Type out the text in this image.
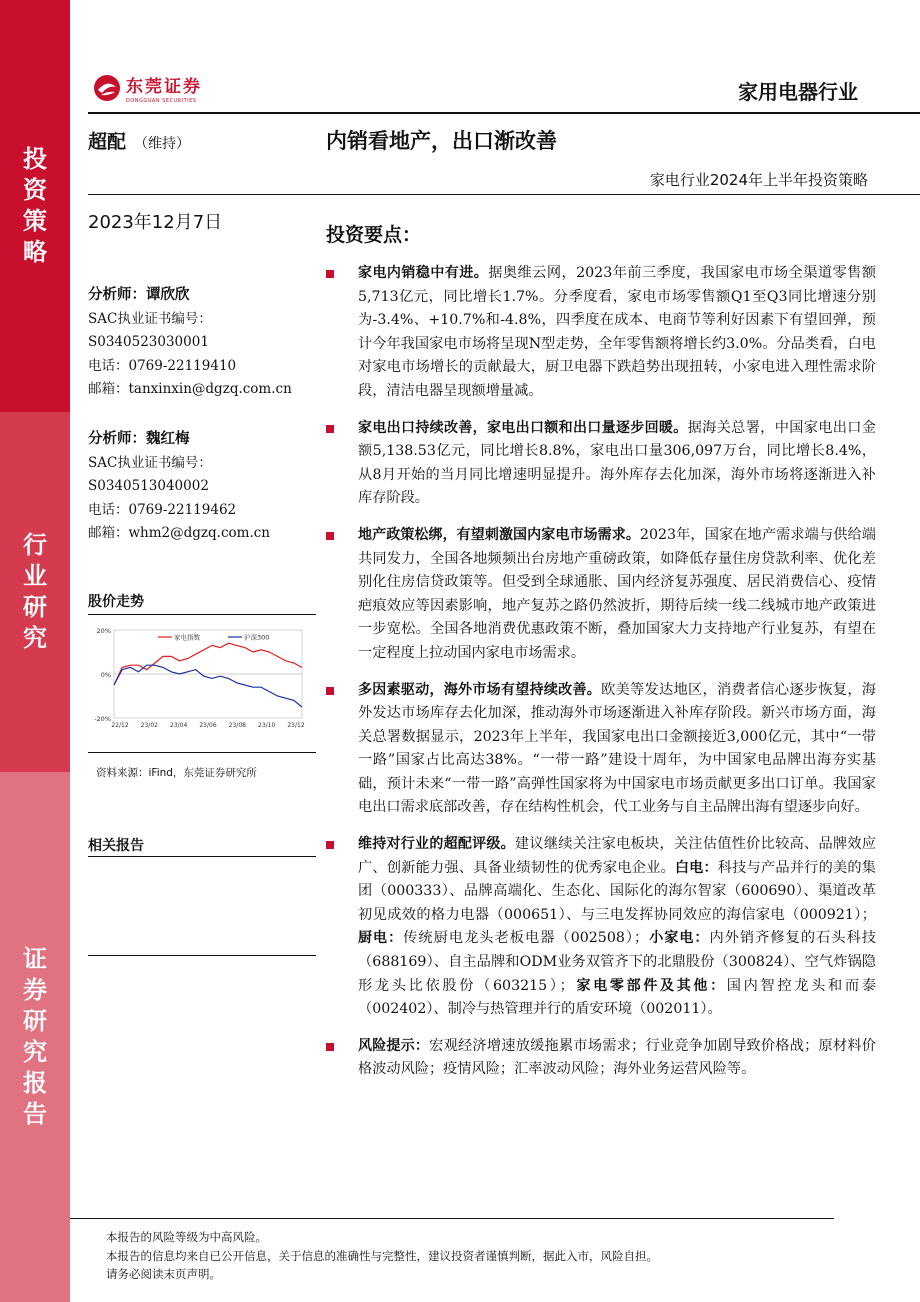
投
资
策
略
行
业
研
究
证
券
研
究
报
告
东莞证券
DONGGUAN SECURITIES	家用电器行业
超配 （维持）	内销看地产，出口渐改善
家电行业2024年上半年投资策略
2023年12月7日
分析师：谭欣欣
SAC执业证书编号：
S0340523030001
电话：0769-22119410
邮箱：tanxinxin@dgzq.com.cn
分析师：魏红梅
SAC执业证书编号：
S0340513040002
电话：0769-22119462
邮箱：whm2@dgzq.com.cn
股价走势
20%
0%
-20%
22/12 23/02 23/04 23/06 23/08 23/10 23/12
家电指数	沪深300
资料来源：iFind，东莞证券研究所
相关报告
投资要点：
家电内销稳中有进。据奥维云网，2023年前三季度，我国家电市场全渠道零售额5,713亿元，同比增长1.7%。分季度看，家电市场零售额Q1至Q3同比增速分别为-3.4%、+10.7%和-4.8%，四季度在成本、电商节等利好因素下有望回弹，预计今年我国家电市场将呈现N型走势，全年零售额将增长约3.0%。分品类看，白电对家电市场增长的贡献最大，厨卫电器下跌趋势出现扭转，小家电进入理性需求阶段，清洁电器呈现额增量减。
家电出口持续改善，家电出口额和出口量逐步回暖。据海关总署，中国家电出口金额5,138.53亿元，同比增长8.8%，家电出口量306,097万台，同比增长8.4%，从8月开始的当月同比增速明显提升。海外库存去化加深，海外市场将逐渐进入补库存阶段。
地产政策松绑，有望刺激国内家电市场需求。2023年，国家在地产需求端与供给端共同发力，全国各地频频出台房地产重磅政策，如降低存量住房贷款利率、优化差别化住房信贷政策等。但受到全球通胀、国内经济复苏强度、居民消费信心、疫情疤痕效应等因素影响，地产复苏之路仍然波折，期待后续一线二线城市地产政策进一步宽松。全国各地消费优惠政策不断，叠加国家大力支持地产行业复苏，有望在一定程度上拉动国内家电市场需求。
多因素驱动，海外市场有望持续改善。欧美等发达地区，消费者信心逐步恢复，海外发达市场库存去化加深，推动海外市场逐渐进入补库存阶段。新兴市场方面，海关总署数据显示，2023年上半年，我国家电出口金额接近3,000亿元，其中“一带一路”国家占比高达38%。“一带一路”建设十周年，为中国家电品牌出海夯实基础，预计未来“一带一路”高弹性国家将为中国家电市场贡献更多出口订单。我国家电出口需求底部改善，存在结构性机会，代工业务与自主品牌出海有望逐步向好。
维持对行业的超配评级。建议继续关注家电板块，关注估值性价比较高、品牌效应广、创新能力强、具备业绩韧性的优秀家电企业。白电：科技与产品并行的美的集团（000333）、品牌高端化、生态化、国际化的海尔智家（600690）、渠道改革初见成效的格力电器（000651）、与三电发挥协同效应的海信家电（000921）；厨电：传统厨电龙头老板电器（002508）；小家电：内外销齐修复的石头科技（688169）、自主品牌和ODM业务双管齐下的北鼎股份（300824）、空气炸锅隐形龙头比依股份（603215）；家电零部件及其他：国内智控龙头和而泰（002402）、制冷与热管理并行的盾安环境（002011）。
风险提示：宏观经济增速放缓拖累市场需求；行业竞争加剧导致价格战；原材料价格波动风险；疫情风险；汇率波动风险；海外业务运营风险等。
本报告的风险等级为中高风险。
本报告的信息均来自已公开信息，关于信息的准确性与完整性，建议投资者谨慎判断，据此入市，风险自担。
请务必阅读末页声明。
